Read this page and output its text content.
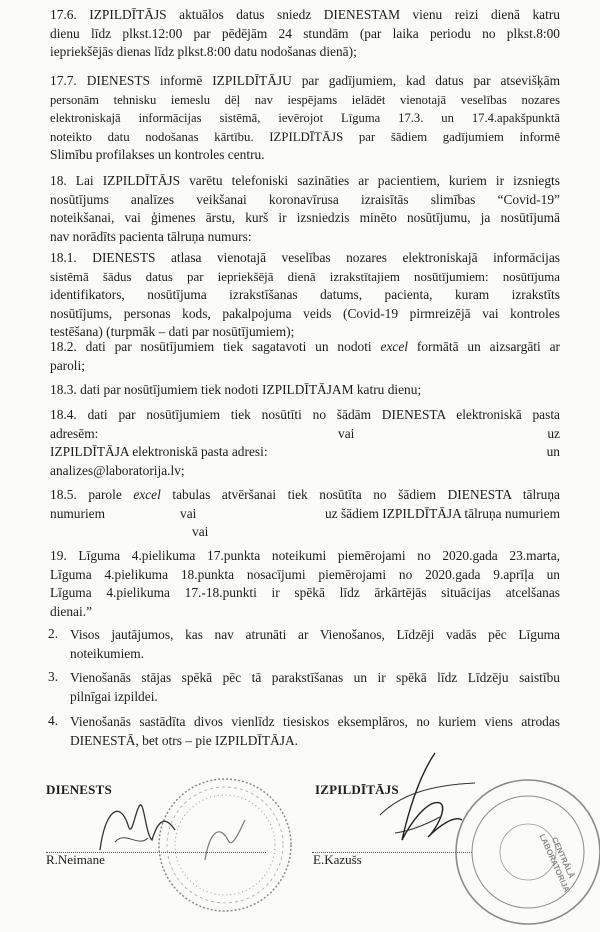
17.6. IZPILDĪTĀJS aktuālos datus sniedz DIENESTAM vienu reizi dienā katru
dienu līdz plkst.12:00 par pēdējām 24 stundām (par laika periodu no plkst.8:00
iepriekšējās dienas līdz plkst.8:00 datu nodošanas dienā);

17.7. DIENESTS informē IZPILDĪTĀJU par gadījumiem, kad datus par atsevišķām
personām tehnisku iemeslu dēļ nav iespējams ielādēt vienotajā veselības nozares
elektroniskajā informācijas sistēmā, ievērojot Līguma 17.3. un 17.4.apakšpunktā
noteikto datu nodošanas kārtību. IZPILDĪTĀJS par šādiem gadījumiem informē
Slimību profilakses un kontroles centru.

18. Lai IZPILDĪTĀJS varētu telefoniski sazināties ar pacientiem, kuriem ir izsniegts
nosūtījums analīzes veikšanai koronavīrusa izraisītās slimības “Covid-19”
noteikšanai, vai ģimenes ārstu, kurš ir izsniedzis minēto nosūtījumu, ja nosūtījumā
nav norādīts pacienta tālruņa numurs:

18.1. DIENESTS atlasa vienotajā veselības nozares elektroniskajā informācijas
sistēmā šādus datus par iepriekšējā dienā izrakstītajiem nosūtījumiem: nosūtījuma
identifikators, nosūtījuma izrakstīšanas datums, pacienta, kuram izrakstīts
nosūtījums, personas kods, pakalpojuma veids (Covid-19 pirmreizējā vai kontroles
testēšana) (turpmāk – dati par nosūtījumiem);

18.2. dati par nosūtījumiem tiek sagatavoti un nodoti excel formātā un aizsargāti ar
paroli;

18.3. dati par nosūtījumiem tiek nodoti IZPILDĪTĀJAM katru dienu;

18.4. dati par nosūtījumiem tiek nosūtīti no šādām DIENESTA elektroniskā pasta
adresēm:	vai	uz
IZPILDĪTĀJA elektroniskā pasta adresi:	un
analizes@laboratorija.lv;
18.5. parole excel tabulas atvēršanai tiek nosūtīta no šādiem DIENESTA tālruņa
numuriem	vai	uz šādiem IZPILDĪTĀJA tālruņa numuriem
vai

19. Līguma 4.pielikuma 17.punkta noteikumi piemērojami no 2020.gada 23.marta,
Līguma 4.pielikuma 18.punkta nosacījumi piemērojami no 2020.gada 9.aprīļa un
Līguma 4.pielikuma 17.-18.punkti ir spēkā līdz ārkārtējās situācijas atcelšanas
dienai.”

2. Visos jautājumos, kas nav atrunāti ar Vienošanos, Līdzēji vadās pēc Līguma
noteikumiem.

3. Vienošanās stājas spēkā pēc tā parakstīšanas un ir spēkā līdz Līdzēju saistību
pilnīgai izpildei.

4. Vienošanās sastādīta divos vienlīdz tiesiskos eksemplāros, no kuriem viens atrodas
DIENESTĀ, bet otrs – pie IZPILDĪTĀJA.

DIENESTS
R.Neimane
IZPILDĪTĀJS
CENTRĀLĀ LABORATORIJA
E.Kazušs
